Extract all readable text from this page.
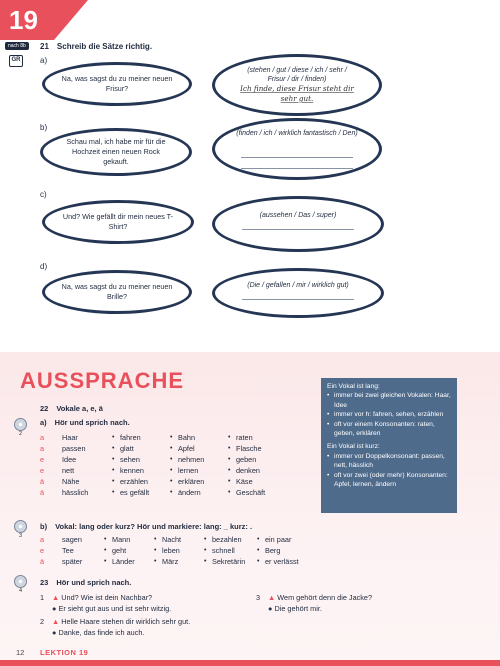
19
nach 8b
GR
21 Schreib die Sätze richtig.
a)
Na, was sagst du zu meiner neuen Frisur?
(stehen / gut / diese / ich / sehr / Frisur / dir / finden)
Ich finde, diese Frisur steht dir sehr gut.
b)
Schau mal, ich habe mir für die Hochzeit einen neuen Rock gekauft.
(finden / ich / wirklich fantastisch / Den)
c)
Und? Wie gefällt dir mein neues T-Shirt?
(aussehen / Das / super)
d)
Na, was sagst du zu meiner neuen Brille?
(Die / gefallen / mir / wirklich gut)
AUSSPRACHE
22 Vokale a, e, ä
2
a) Hör und sprich nach.
a	Haar	• fahren	• Bahn	• raten
a	passen	• glatt	• Apfel	• Flasche
e	Idee	• sehen	• nehmen	• geben
e	nett	• kennen	• lernen	• denken
ä	Nähe	• erzählen	• erklären	• Käse
ä	hässlich	• es gefällt	• ändern	• Geschäft
Ein Vokal ist lang:
• immer bei zwei gleichen Vokalen: Haar, Idee
• immer vor h: fahren, sehen, erzählen
• oft vor einem Konsonanten: raten, geben, erklären
Ein Vokal ist kurz:
• immer vor Doppelkonsonant: passen, nett, hässlich
• oft vor zwei (oder mehr) Konsonanten: Apfel, lernen, ändern
3
b) Vokal: lang oder kurz? Hör und markiere: lang: _ kurz: .
a	sagen	• Mann	• Nacht	• bezahlen	• ein paar
e	Tee	• geht	• leben	• schnell	• Berg
ä	später	• Länder	• März	• Sekretärin	• er verlässt
4
23 Hör und sprich nach.
1 ▲ Und? Wie ist dein Nachbar?
● Er sieht gut aus und ist sehr witzig.
2 ▲ Helle Haare stehen dir wirklich sehr gut.
● Danke, das finde ich auch.
3 ▲ Wem gehört denn die Jacke?
● Die gehört mir.
12 LEKTION 19
